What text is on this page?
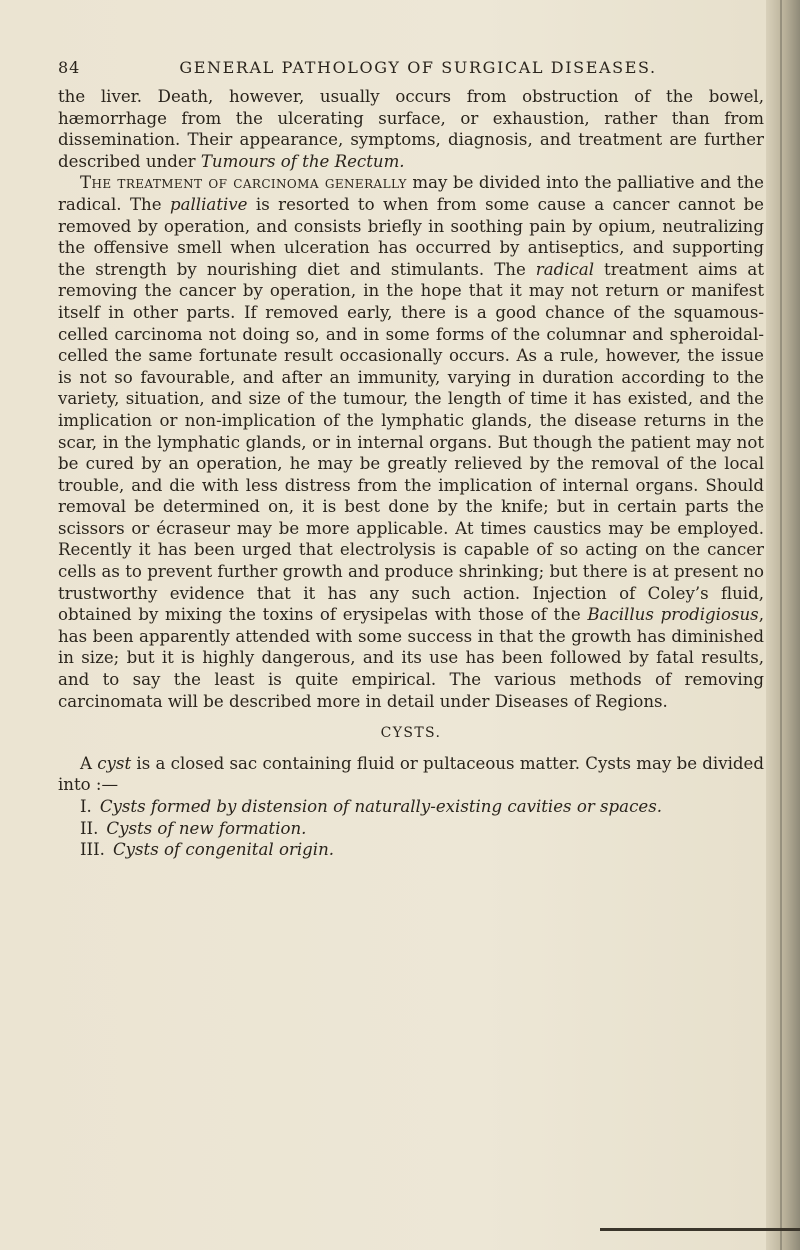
84	GENERAL PATHOLOGY OF SURGICAL DISEASES.

the liver. Death, however, usually occurs from obstruction of the bowel, hæmorrhage from the ulcerating surface, or exhaustion, rather than from dissemination. Their appearance, symptoms, diagnosis, and treatment are further described under Tumours of the Rectum.

The treatment of carcinoma generally may be divided into the palliative and the radical. The palliative is resorted to when from some cause a cancer cannot be removed by operation, and consists briefly in soothing pain by opium, neutralizing the offensive smell when ulceration has occurred by antiseptics, and supporting the strength by nourishing diet and stimulants. The radical treatment aims at removing the cancer by operation, in the hope that it may not return or manifest itself in other parts. If removed early, there is a good chance of the squamous-celled carcinoma not doing so, and in some forms of the columnar and spheroidal-celled the same fortunate result occasionally occurs. As a rule, however, the issue is not so favourable, and after an immunity, varying in duration according to the variety, situation, and size of the tumour, the length of time it has existed, and the implication or non-implication of the lymphatic glands, the disease returns in the scar, in the lymphatic glands, or in internal organs. But though the patient may not be cured by an operation, he may be greatly relieved by the removal of the local trouble, and die with less distress from the implication of internal organs. Should removal be determined on, it is best done by the knife; but in certain parts the scissors or écraseur may be more applicable. At times caustics may be employed. Recently it has been urged that electrolysis is capable of so acting on the cancer cells as to prevent further growth and produce shrinking; but there is at present no trustworthy evidence that it has any such action. Injection of Coley’s fluid, obtained by mixing the toxins of erysipelas with those of the Bacillus prodigiosus, has been apparently attended with some success in that the growth has diminished in size; but it is highly dangerous, and its use has been followed by fatal results, and to say the least is quite empirical. The various methods of removing carcinomata will be described more in detail under Diseases of Regions.

CYSTS.

A cyst is a closed sac containing fluid or pultaceous matter. Cysts may be divided into :—

I. Cysts formed by distension of naturally-existing cavities or spaces.
II. Cysts of new formation.
III. Cysts of congenital origin.
